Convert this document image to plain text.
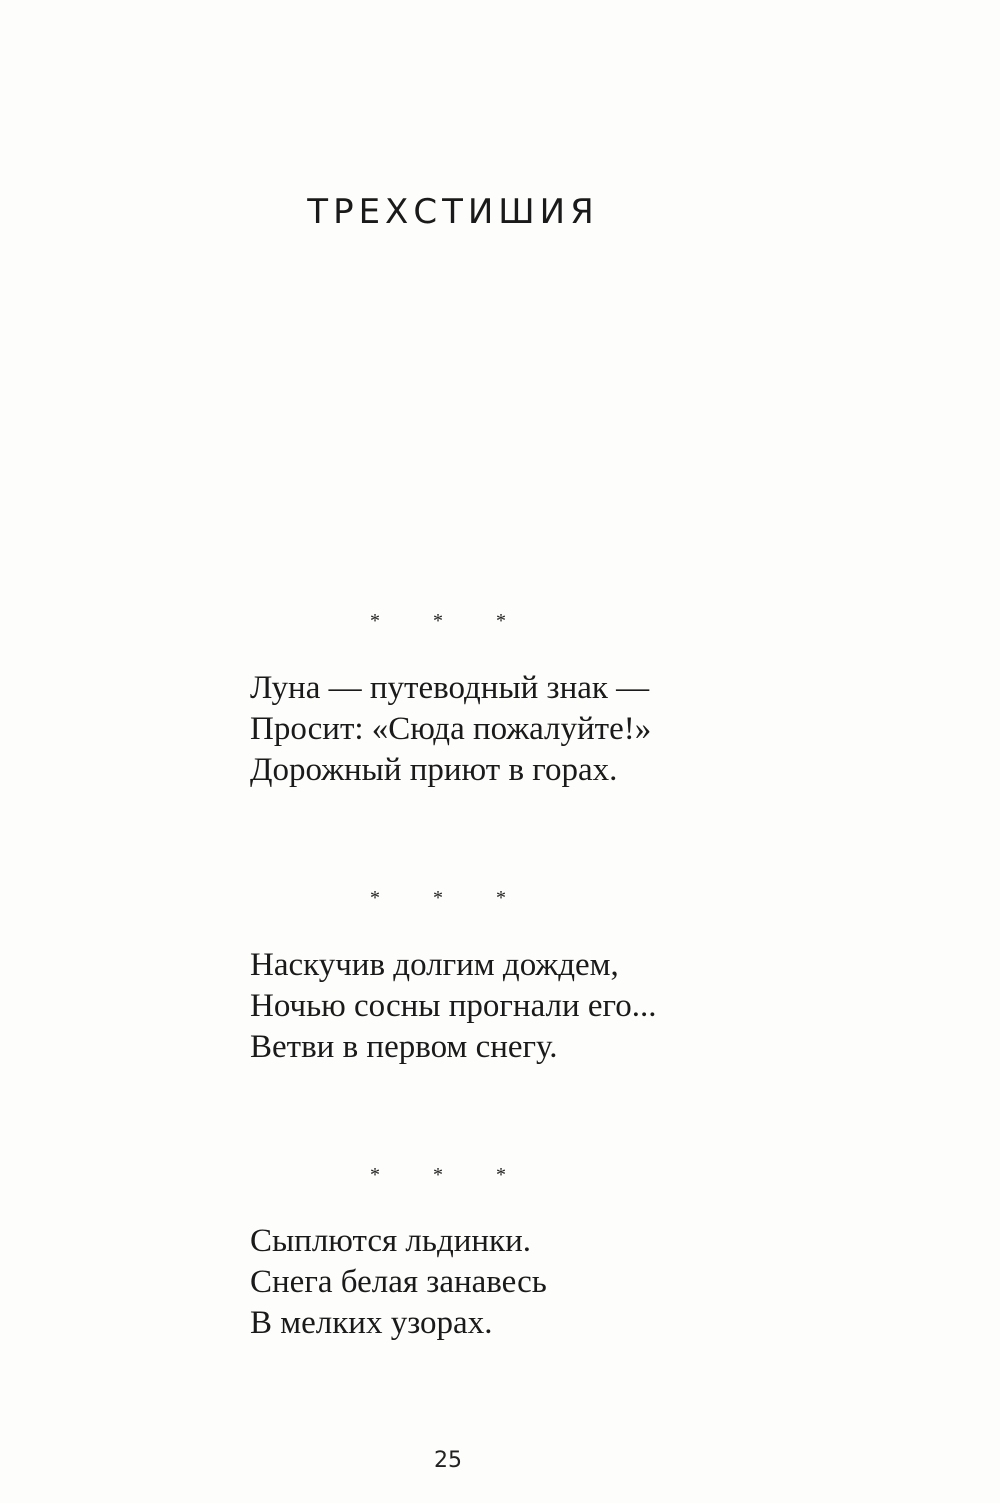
ТРЕХСТИШИЯ
* * *
Луна — путеводный знак —
Просит: «Сюда пожалуйте!»
Дорожный приют в горах.
* * *
Наскучив долгим дождем,
Ночью сосны прогнали его...
Ветви в первом снегу.
* * *
Сыплются льдинки.
Снега белая занавесь
В мелких узорах.
25
